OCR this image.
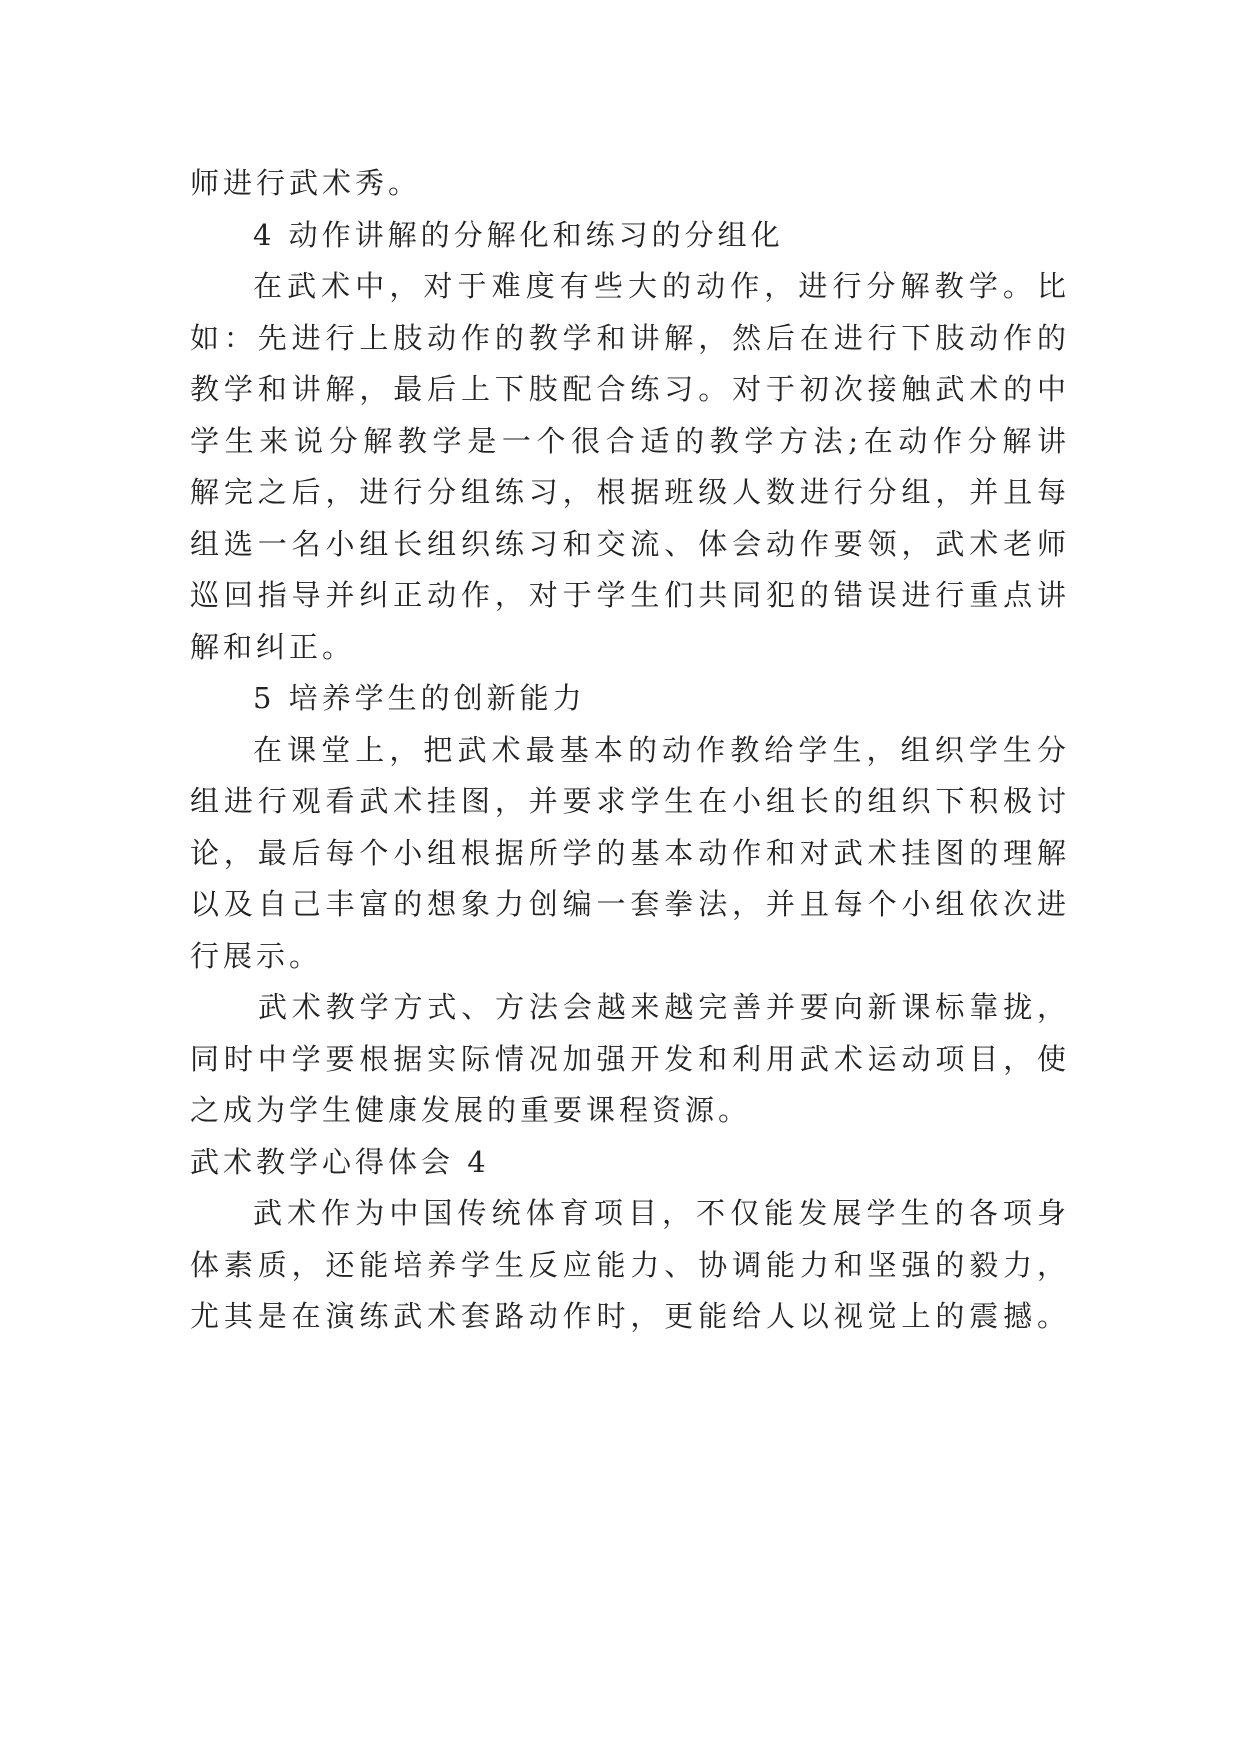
师进行武术秀。
4 动作讲解的分解化和练习的分组化
在武术中，对于难度有些大的动作，进行分解教学。比
如：先进行上肢动作的教学和讲解，然后在进行下肢动作的
教学和讲解，最后上下肢配合练习。对于初次接触武术的中
学生来说分解教学是一个很合适的教学方法;在动作分解讲
解完之后，进行分组练习，根据班级人数进行分组，并且每
组选一名小组长组织练习和交流、体会动作要领，武术老师
巡回指导并纠正动作，对于学生们共同犯的错误进行重点讲
解和纠正。
5 培养学生的创新能力
在课堂上，把武术最基本的动作教给学生，组织学生分
组进行观看武术挂图，并要求学生在小组长的组织下积极讨
论，最后每个小组根据所学的基本动作和对武术挂图的理解
以及自己丰富的想象力创编一套拳法，并且每个小组依次进
行展示。
武术教学方式、方法会越来越完善并要向新课标靠拢，
同时中学要根据实际情况加强开发和利用武术运动项目，使
之成为学生健康发展的重要课程资源。
武术教学心得体会 4
武术作为中国传统体育项目，不仅能发展学生的各项身
体素质，还能培养学生反应能力、协调能力和坚强的毅力，
尤其是在演练武术套路动作时，更能给人以视觉上的震撼。
